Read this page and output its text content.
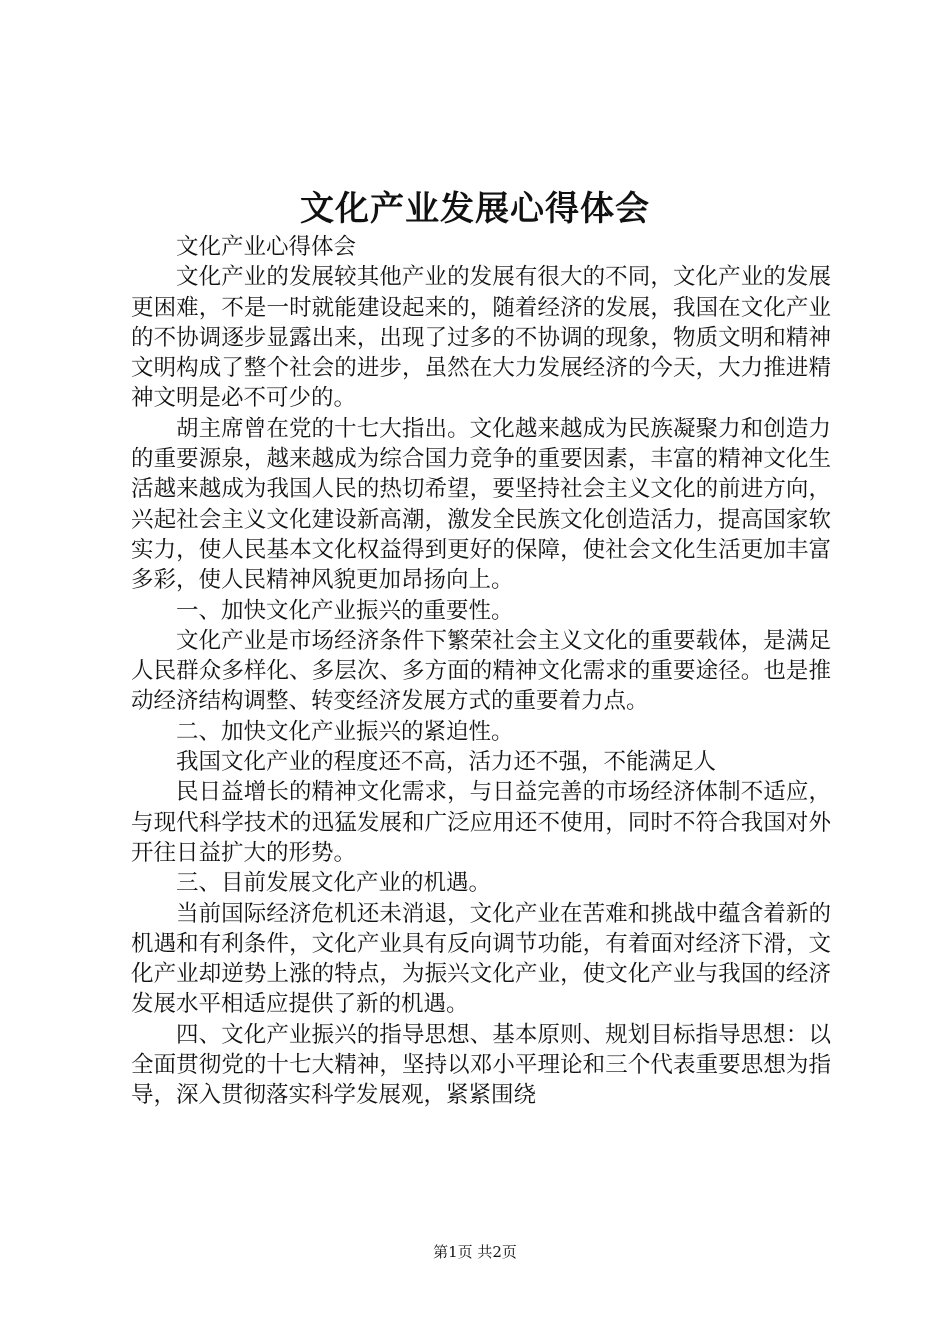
文化产业发展心得体会

文化产业心得体会

文化产业的发展较其他产业的发展有很大的不同，文化产业的发展更困难，不是一时就能建设起来的，随着经济的发展，我国在文化产业的不协调逐步显露出来，出现了过多的不协调的现象，物质文明和精神文明构成了整个社会的进步，虽然在大力发展经济的今天，大力推进精神文明是必不可少的。

胡主席曾在党的十七大指出。文化越来越成为民族凝聚力和创造力的重要源泉，越来越成为综合国力竞争的重要因素，丰富的精神文化生活越来越成为我国人民的热切希望，要坚持社会主义文化的前进方向，兴起社会主义文化建设新高潮，激发全民族文化创造活力，提高国家软实力，使人民基本文化权益得到更好的保障，使社会文化生活更加丰富多彩，使人民精神风貌更加昂扬向上。

一、加快文化产业振兴的重要性。

文化产业是市场经济条件下繁荣社会主义文化的重要载体，是满足人民群众多样化、多层次、多方面的精神文化需求的重要途径。也是推动经济结构调整、转变经济发展方式的重要着力点。

二、加快文化产业振兴的紧迫性。

我国文化产业的程度还不高，活力还不强，不能满足人

民日益增长的精神文化需求，与日益完善的市场经济体制不适应，与现代科学技术的迅猛发展和广泛应用还不使用，同时不符合我国对外开往日益扩大的形势。

三、目前发展文化产业的机遇。

当前国际经济危机还未消退，文化产业在苦难和挑战中蕴含着新的机遇和有利条件，文化产业具有反向调节功能，有着面对经济下滑，文化产业却逆势上涨的特点，为振兴文化产业，使文化产业与我国的经济发展水平相适应提供了新的机遇。

四、文化产业振兴的指导思想、基本原则、规划目标指导思想：以全面贯彻党的十七大精神，坚持以邓小平理论和三个代表重要思想为指导，深入贯彻落实科学发展观，紧紧围绕

第1页 共2页
